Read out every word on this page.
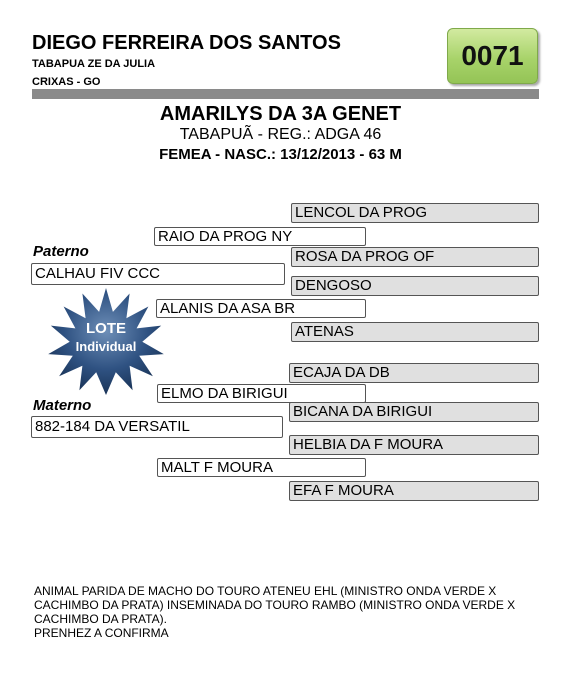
DIEGO FERREIRA DOS SANTOS
TABAPUA ZE DA JULIA
CRIXAS - GO
0071
AMARILYS DA 3A GENET
TABAPUÃ - REG.: ADGA 46
FEMEA - NASC.: 13/12/2013 - 63 M
LENCOL DA PROG
RAIO DA PROG NY
Paterno	ROSA DA PROG OF
CALHAU FIV CCC
DENGOSO
ALANIS DA ASA BR
ATENAS
LOTE
Individual
ECAJA DA DB
ELMO DA BIRIGUI
Materno	BICANA DA BIRIGUI
882-184 DA VERSATIL
HELBIA DA F MOURA
MALT F MOURA
EFA F MOURA
ANIMAL PARIDA DE MACHO DO TOURO ATENEU EHL (MINISTRO ONDA VERDE X CACHIMBO DA PRATA) INSEMINADA DO TOURO RAMBO (MINISTRO ONDA VERDE X CACHIMBO DA PRATA).
PRENHEZ A CONFIRMA
